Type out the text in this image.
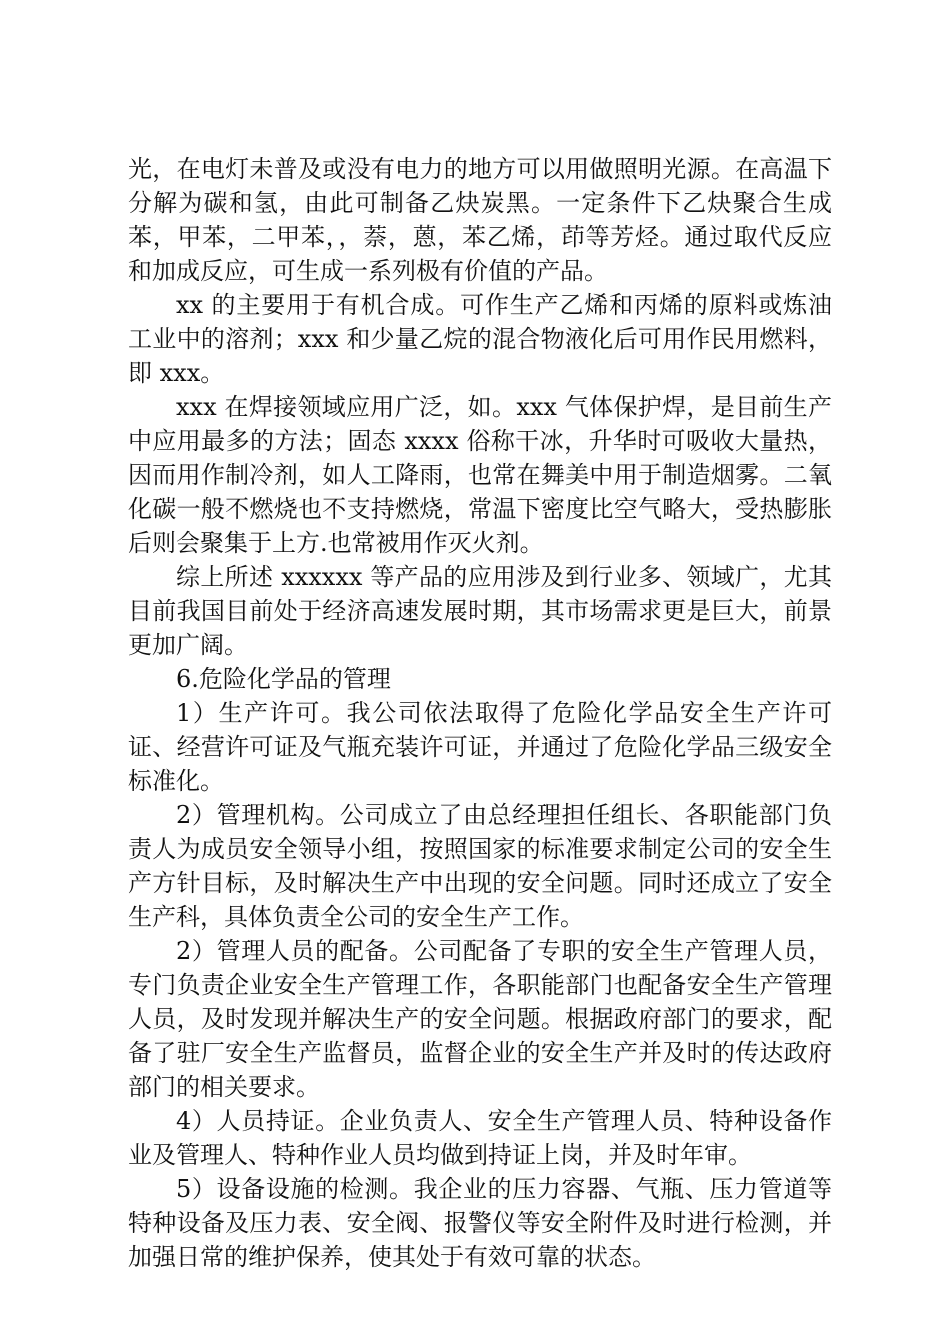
光，在电灯未普及或没有电力的地方可以用做照明光源。在高温下分解为碳和氢，由此可制备乙炔炭黑。一定条件下乙炔聚合生成苯，甲苯，二甲苯，，萘，蒽，苯乙烯，茚等芳烃。通过取代反应和加成反应，可生成一系列极有价值的产品。

xx 的主要用于有机合成。可作生产乙烯和丙烯的原料或炼油工业中的溶剂；xxx 和少量乙烷的混合物液化后可用作民用燃料，即 xxx。

xxx 在焊接领域应用广泛，如。xxx 气体保护焊，是目前生产中应用最多的方法；固态 xxxx 俗称干冰，升华时可吸收大量热，因而用作制冷剂，如人工降雨，也常在舞美中用于制造烟雾。二氧化碳一般不燃烧也不支持燃烧，常温下密度比空气略大，受热膨胀后则会聚集于上方.也常被用作灭火剂。

综上所述 xxxxxx 等产品的应用涉及到行业多、领域广，尤其目前我国目前处于经济高速发展时期，其市场需求更是巨大，前景更加广阔。

6.危险化学品的管理

1）生产许可。我公司依法取得了危险化学品安全生产许可证、经营许可证及气瓶充装许可证，并通过了危险化学品三级安全标准化。

2）管理机构。公司成立了由总经理担任组长、各职能部门负责人为成员安全领导小组，按照国家的标准要求制定公司的安全生产方针目标，及时解决生产中出现的安全问题。同时还成立了安全生产科，具体负责全公司的安全生产工作。

2）管理人员的配备。公司配备了专职的安全生产管理人员，专门负责企业安全生产管理工作，各职能部门也配备安全生产管理人员，及时发现并解决生产的安全问题。根据政府部门的要求，配备了驻厂安全生产监督员，监督企业的安全生产并及时的传达政府部门的相关要求。

4）人员持证。企业负责人、安全生产管理人员、特种设备作业及管理人、特种作业人员均做到持证上岗，并及时年审。

5）设备设施的检测。我企业的压力容器、气瓶、压力管道等特种设备及压力表、安全阀、报警仪等安全附件及时进行检测，并加强日常的维护保养，使其处于有效可靠的状态。
